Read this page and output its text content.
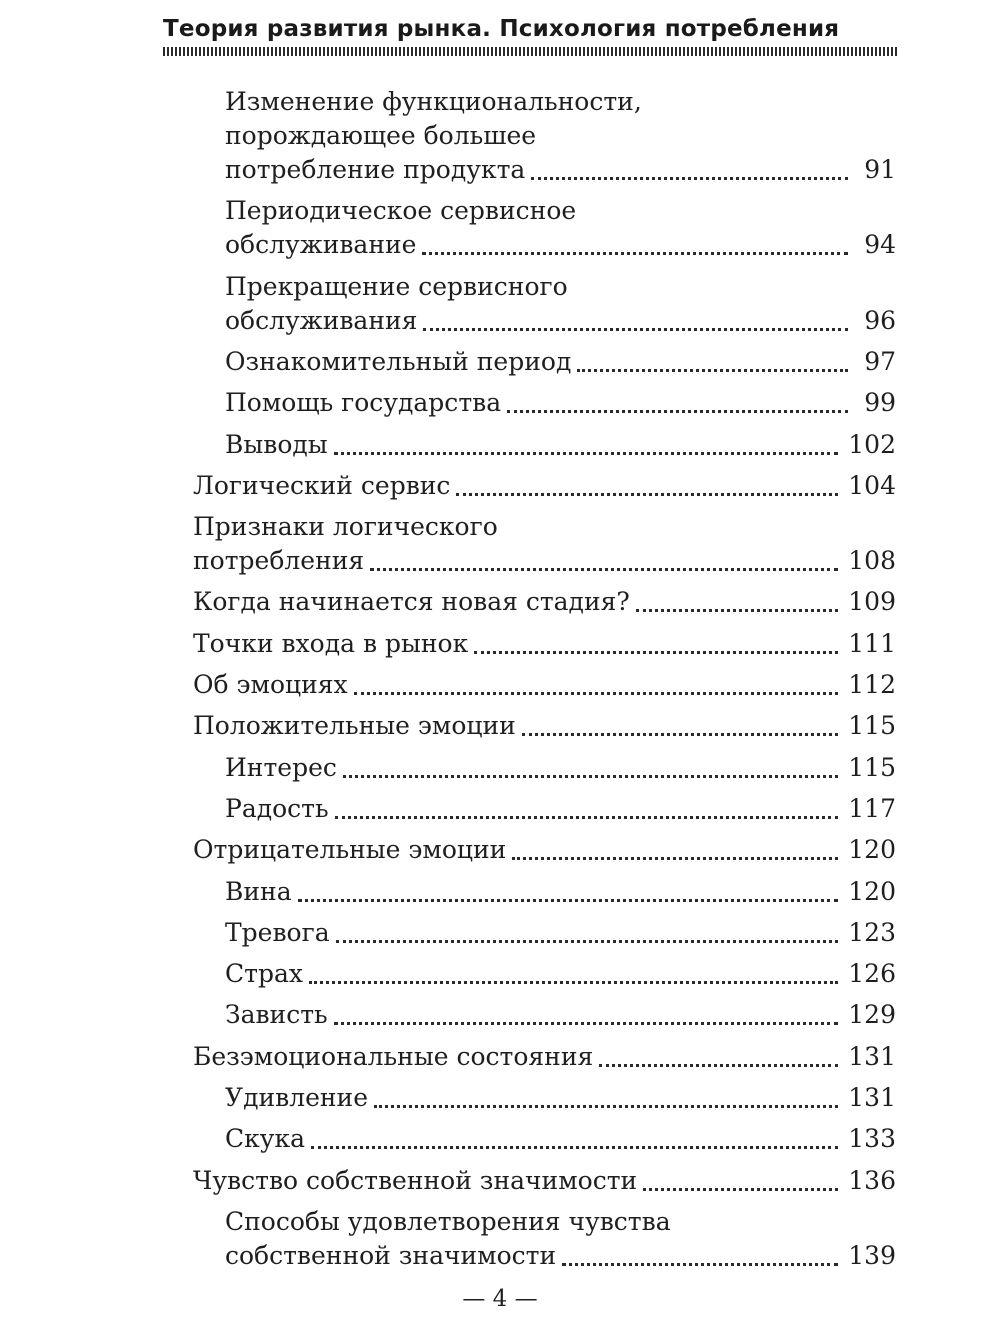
Теория развития рынка. Психология потребления
Изменение функциональности,
порождающее большее
потребление продукта	91
Периодическое сервисное
обслуживание	94
Прекращение сервисного
обслуживания	96
Ознакомительный период	97
Помощь государства	99
Выводы	102
Логический сервис	104
Признаки логического
потребления	108
Когда начинается новая стадия?	109
Точки входа в рынок	111
Об эмоциях	112
Положительные эмоции	115
Интерес	115
Радость	117
Отрицательные эмоции	120
Вина	120
Тревога	123
Страх	126
Зависть	129
Безэмоциональные состояния	131
Удивление	131
Скука	133
Чувство собственной значимости	136
Способы удовлетворения чувства
собственной значимости	139
— 4 —
